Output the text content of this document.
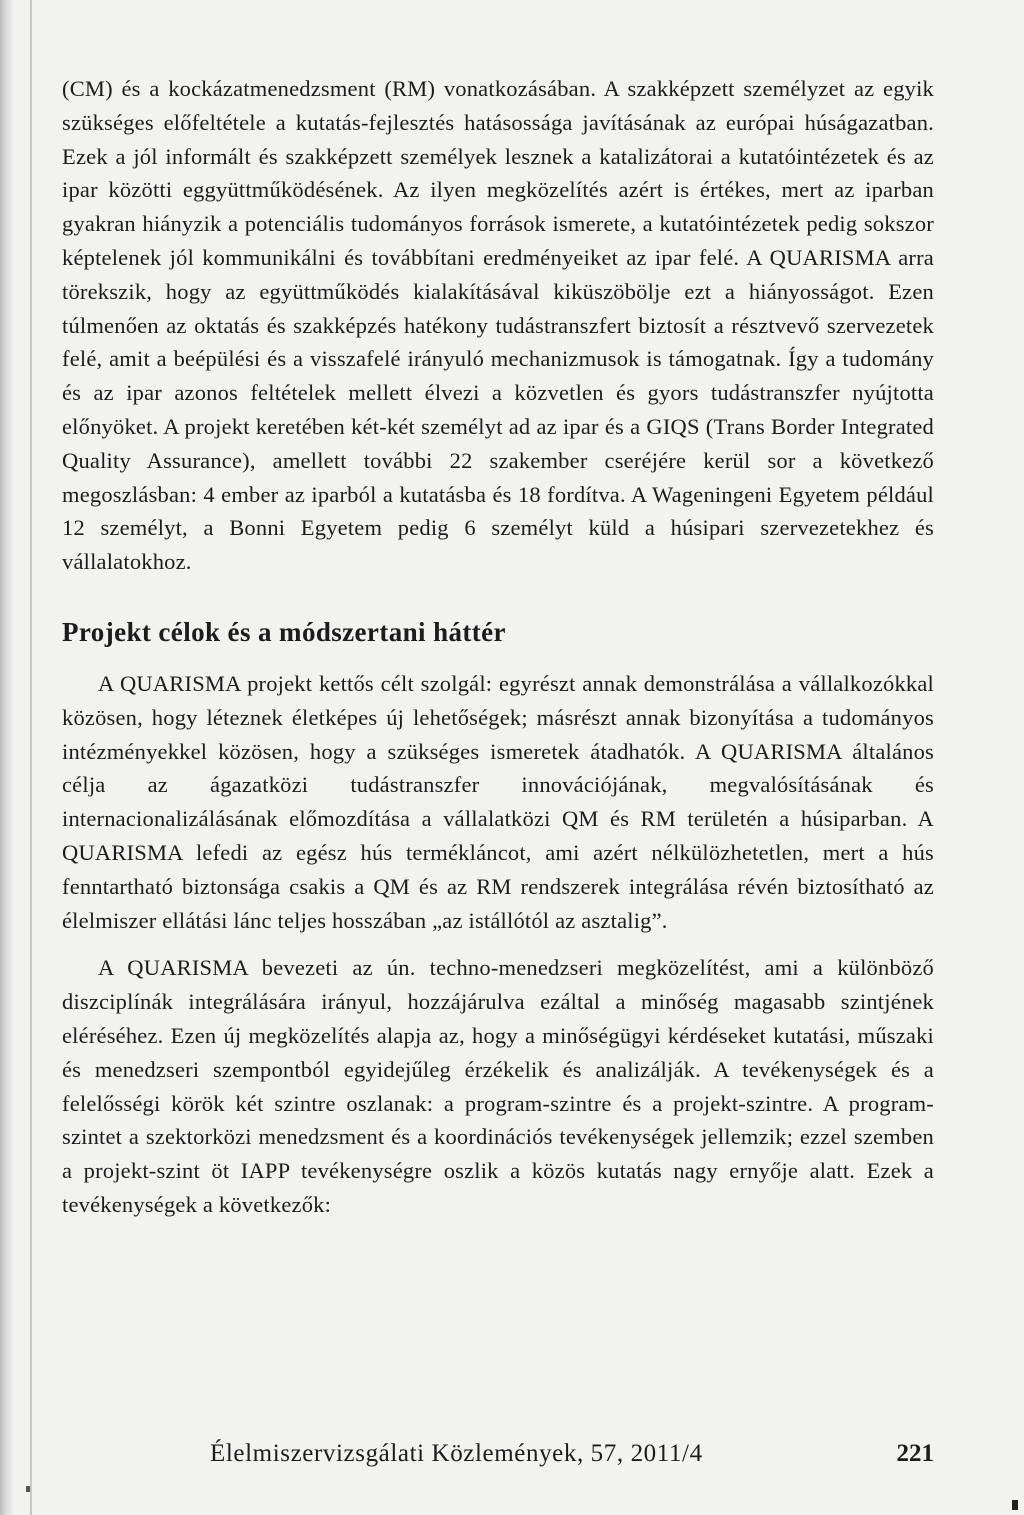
(CM) és a kockázatmenedzsment (RM) vonatkozásában. A szakképzett személyzet az egyik szükséges előfeltétele a kutatás-fejlesztés hatásossága javításának az európai húságazatban. Ezek a jól informált és szakképzett személyek lesznek a katalizátorai a kutatóintézetek és az ipar közötti eggyüttműködésének. Az ilyen megközelítés azért is értékes, mert az iparban gyakran hiányzik a potenciális tudományos források ismerete, a kutatóintézetek pedig sokszor képtelenek jól kommunikálni és továbbítani eredményeiket az ipar felé. A QUARISMA arra törekszik, hogy az együttműködés kialakításával kiküszöbölje ezt a hiányosságot. Ezen túlmenően az oktatás és szakképzés hatékony tudástranszfert biztosít a résztvevő szervezetek felé, amit a beépülési és a visszafelé irányuló mechanizmusok is támogatnak. Így a tudomány és az ipar azonos feltételek mellett élvezi a közvetlen és gyors tudástranszfer nyújtotta előnyöket. A projekt keretében két-két személyt ad az ipar és a GIQS (Trans Border Integrated Quality Assurance), amellett további 22 szakember cseréjére kerül sor a következő megoszlásban: 4 ember az iparból a kutatásba és 18 fordítva. A Wageningeni Egyetem például 12 személyt, a Bonni Egyetem pedig 6 személyt küld a húsipari szervezetekhez és vállalatokhoz.

Projekt célok és a módszertani háttér

A QUARISMA projekt kettős célt szolgál: egyrészt annak demonstrálása a vállalkozókkal közösen, hogy léteznek életképes új lehetőségek; másrészt annak bizonyítása a tudományos intézményekkel közösen, hogy a szükséges ismeretek átadhatók. A QUARISMA általános célja az ágazatközi tudástranszfer innovációjának, megvalósításának és internacionalizálásának előmozdítása a vállalatközi QM és RM területén a húsiparban. A QUARISMA lefedi az egész hús termékláncot, ami azért nélkülözhetetlen, mert a hús fenntartható biztonsága csakis a QM és az RM rendszerek integrálása révén biztosítható az élelmiszer ellátási lánc teljes hosszában „az istállótól az asztalig”.

A QUARISMA bevezeti az ún. techno-menedzseri megközelítést, ami a különböző diszciplínák integrálására irányul, hozzájárulva ezáltal a minőség magasabb szintjének eléréséhez. Ezen új megközelítés alapja az, hogy a minőségügyi kérdéseket kutatási, műszaki és menedzseri szempontból egyidejűleg érzékelik és analizálják. A tevékenységek és a felelősségi körök két szintre oszlanak: a program-szintre és a projekt-szintre. A program-szintet a szektorközi menedzsment és a koordinációs tevékenységek jellemzik; ezzel szemben a projekt-szint öt IAPP tevékenységre oszlik a közös kutatás nagy ernyője alatt. Ezek a tevékenységek a következők:

Élelmiszervizsgálati Közlemények, 57, 2011/4	221
